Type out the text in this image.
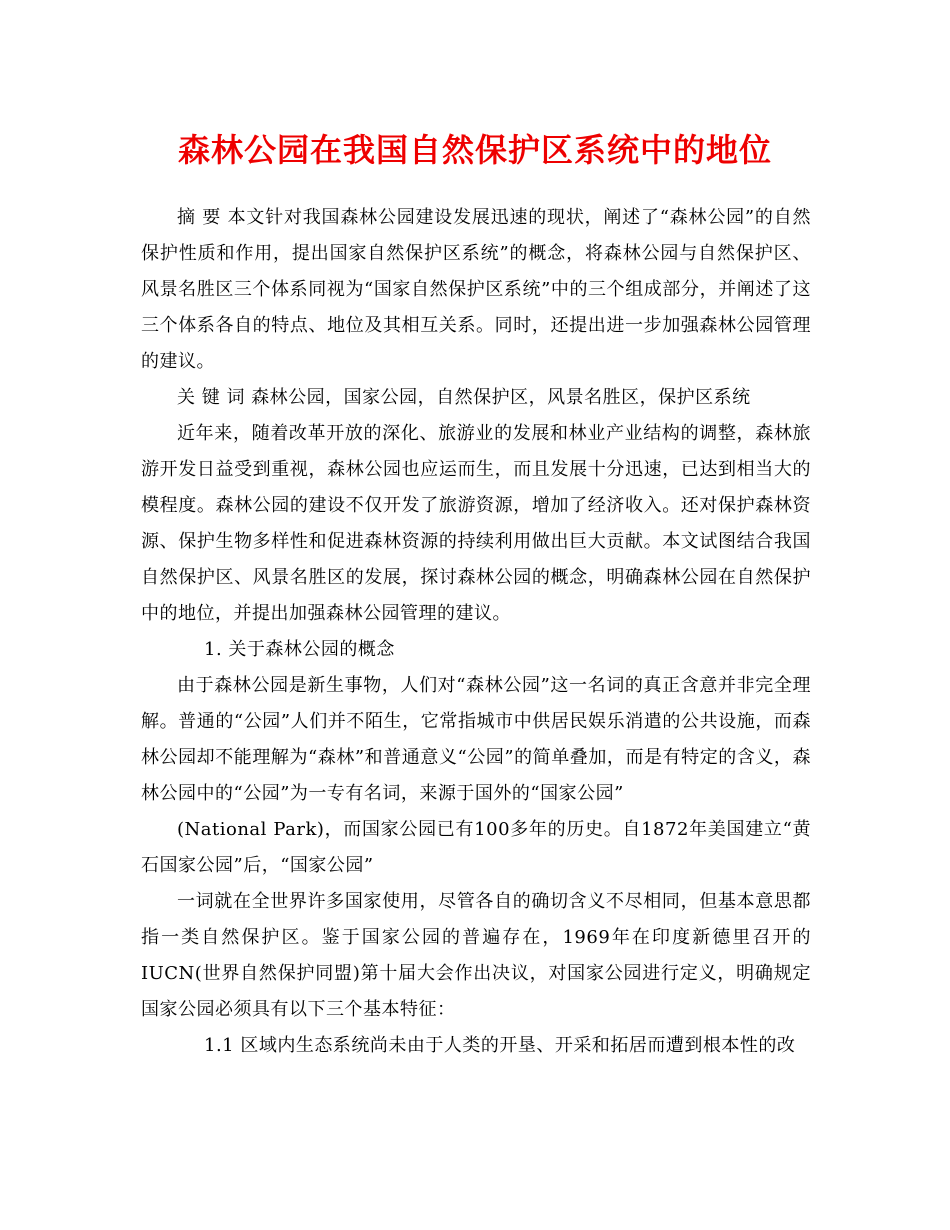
森林公园在我国自然保护区系统中的地位

摘 要 本文针对我国森林公园建设发展迅速的现状，阐述了“森林公园”的自然保护性质和作用，提出国家自然保护区系统”的概念，将森林公园与自然保护区、风景名胜区三个体系同视为“国家自然保护区系统”中的三个组成部分，并阐述了这三个体系各自的特点、地位及其相互关系。同时，还提出进一步加强森林公园管理的建议。

关 键 词 森林公园，国家公园，自然保护区，风景名胜区，保护区系统

近年来，随着改革开放的深化、旅游业的发展和林业产业结构的调整，森林旅游开发日益受到重视，森林公园也应运而生，而且发展十分迅速，已达到相当大的模程度。森林公园的建设不仅开发了旅游资源，增加了经济收入。还对保护森林资源、保护生物多样性和促进森林资源的持续利用做出巨大贡献。本文试图结合我国自然保护区、风景名胜区的发展，探讨森林公园的概念，明确森林公园在自然保护中的地位，并提出加强森林公园管理的建议。

1. 关于森林公园的概念

由于森林公园是新生事物，人们对“森林公园”这一名词的真正含意并非完全理解。普通的“公园”人们并不陌生，它常指城市中供居民娱乐消遣的公共设施，而森林公园却不能理解为“森林”和普通意义“公园”的简单叠加，而是有特定的含义，森林公园中的“公园”为一专有名词，来源于国外的“国家公园”

(National Park)，而国家公园已有100多年的历史。自1872年美国建立“黄石国家公园”后，“国家公园”

一词就在全世界许多国家使用，尽管各自的确切含义不尽相同，但基本意思都指一类自然保护区。鉴于国家公园的普遍存在，1969年在印度新德里召开的IUCN(世界自然保护同盟)第十届大会作出决议，对国家公园进行定义，明确规定国家公园必须具有以下三个基本特征：

1.1 区域内生态系统尚未由于人类的开垦、开采和拓居而遭到根本性的改
